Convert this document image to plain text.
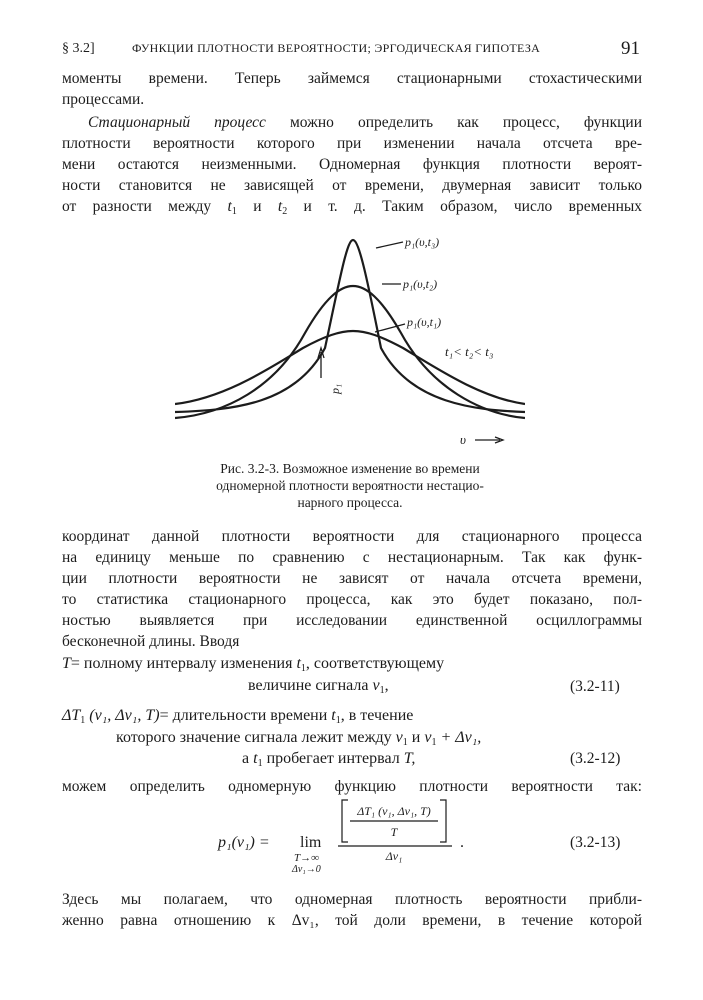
§ 3.2]	ФУНКЦИИ ПЛОТНОСТИ ВЕРОЯТНОСТИ; ЭРГОДИЧЕСКАЯ ГИПОТЕЗА	91
моменты времени. Теперь займемся стационарными стохастическими
процессами.
Стационарный процесс можно определить как процесс, функции
плотности вероятности которого при изменении начала отсчета вре-
мени остаются неизменными. Одномерная функция плотности вероят-
ности становится не зависящей от времени, двумерная зависит только
от разности между $t_1$ и $t_2$ и т. д. Таким образом, число временных
p₁(υ,t₃)
p₁(υ,t₂)
p₁(υ,t₁)
t₁< t₂< t₃
p₁
υ
Рис. 3.2-3. Возможное изменение во времени
одномерной плотности вероятности нестацио-
нарного процесса.
координат данной плотности вероятности для стационарного процесса
на единицу меньше по сравнению с нестационарным. Так как функ-
ции плотности вероятности не зависят от начала отсчета времени,
то статистика стационарного процесса, как это будет показано, пол-
ностью выявляется при исследовании единственной осциллограммы
бесконечной длины. Вводя
T= полному интервалу изменения $t_1$, соответствующему
величине сигнала $v_1$,	(3.2-11)
$\Delta T_1$ (v₁, Δv₁, T)= длительности времени $t_1$, в течение
которого значение сигнала лежит между $v_1$ и $v_1 + \Delta v_1$,
а $t_1$ пробегает интервал T,	(3.2-12)
можем определить одномерную функцию плотности вероятности так:
p₁(v₁) = lim
T→∞
Δv₁→0
ΔT₁ (v₁, Δv₁, T)
T
Δv₁
.	(3.2-13)
Здесь мы полагаем, что одномерная плотность вероятности прибли-
женно равна отношению к Δv₁, той доли времени, в течение которой
